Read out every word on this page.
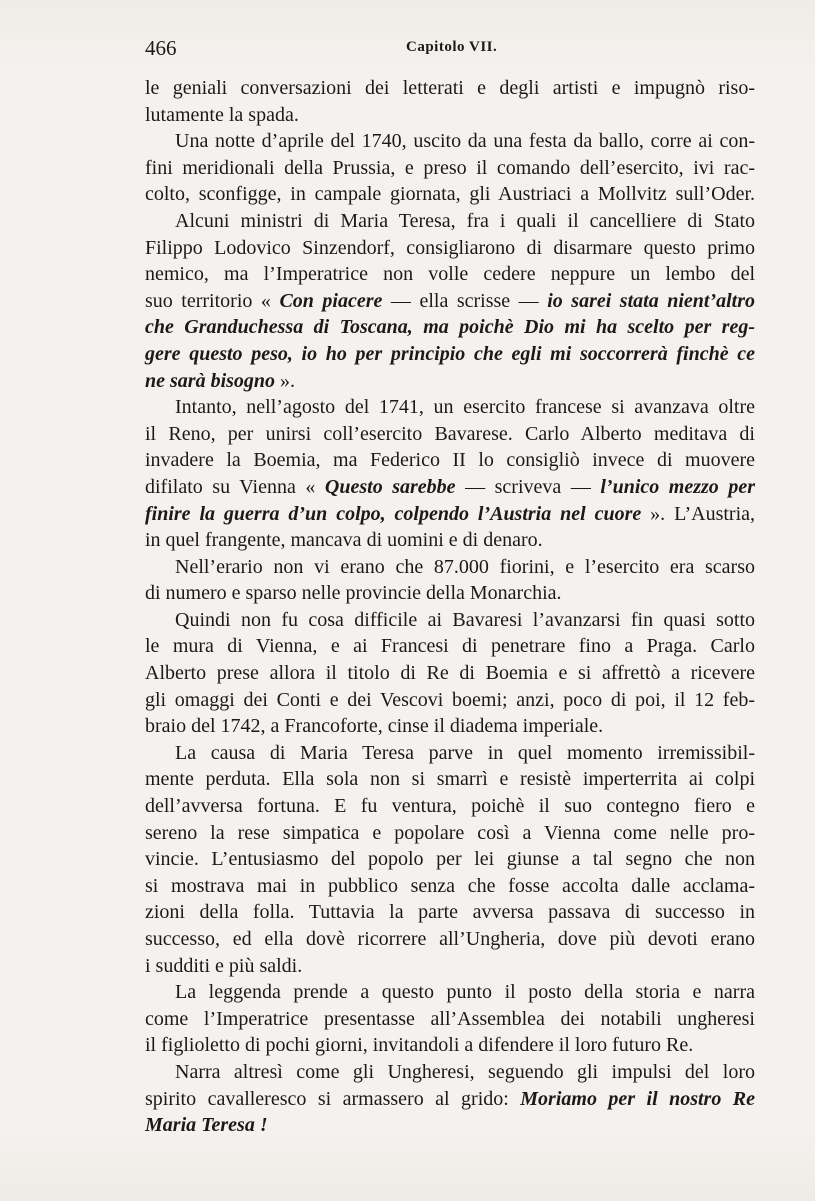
466	Capitolo VII.
le geniali conversazioni dei letterati e degli artisti e impugnò riso-
lutamente la spada.
Una notte d’aprile del 1740, uscito da una festa da ballo, corre ai con-
fini meridionali della Prussia, e preso il comando dell’esercito, ivi rac-
colto, sconfigge, in campale giornata, gli Austriaci a Mollvitz sull’Oder.
Alcuni ministri di Maria Teresa, fra i quali il cancelliere di Stato
Filippo Lodovico Sinzendorf, consigliarono di disarmare questo primo
nemico, ma l’Imperatrice non volle cedere neppure un lembo del
suo territorio « Con piacere — ella scrisse — io sarei stata nient’altro
che Granduchessa di Toscana, ma poichè Dio mi ha scelto per reg-
gere questo peso, io ho per principio che egli mi soccorrerà finchè ce
ne sarà bisogno ».
Intanto, nell’agosto del 1741, un esercito francese si avanzava oltre
il Reno, per unirsi coll’esercito Bavarese. Carlo Alberto meditava di
invadere la Boemia, ma Federico II lo consigliò invece di muovere
difilato su Vienna « Questo sarebbe — scriveva — l’unico mezzo per
finire la guerra d’un colpo, colpendo l’Austria nel cuore ». L’Austria,
in quel frangente, mancava di uomini e di denaro.
Nell’erario non vi erano che 87.000 fiorini, e l’esercito era scarso
di numero e sparso nelle provincie della Monarchia.
Quindi non fu cosa difficile ai Bavaresi l’avanzarsi fin quasi sotto
le mura di Vienna, e ai Francesi di penetrare fino a Praga. Carlo
Alberto prese allora il titolo di Re di Boemia e si affrettò a ricevere
gli omaggi dei Conti e dei Vescovi boemi; anzi, poco di poi, il 12 feb-
braio del 1742, a Francoforte, cinse il diadema imperiale.
La causa di Maria Teresa parve in quel momento irremissibil-
mente perduta. Ella sola non si smarrì e resistè imperterrita ai colpi
dell’avversa fortuna. E fu ventura, poichè il suo contegno fiero e
sereno la rese simpatica e popolare così a Vienna come nelle pro-
vincie. L’entusiasmo del popolo per lei giunse a tal segno che non
si mostrava mai in pubblico senza che fosse accolta dalle acclama-
zioni della folla. Tuttavia la parte avversa passava di successo in
successo, ed ella dovè ricorrere all’Ungheria, dove più devoti erano
i sudditi e più saldi.
La leggenda prende a questo punto il posto della storia e narra
come l’Imperatrice presentasse all’Assemblea dei notabili ungheresi
il figlioletto di pochi giorni, invitandoli a difendere il loro futuro Re.
Narra altresì come gli Ungheresi, seguendo gli impulsi del loro
spirito cavalleresco si armassero al grido: Moriamo per il nostro Re
Maria Teresa !
